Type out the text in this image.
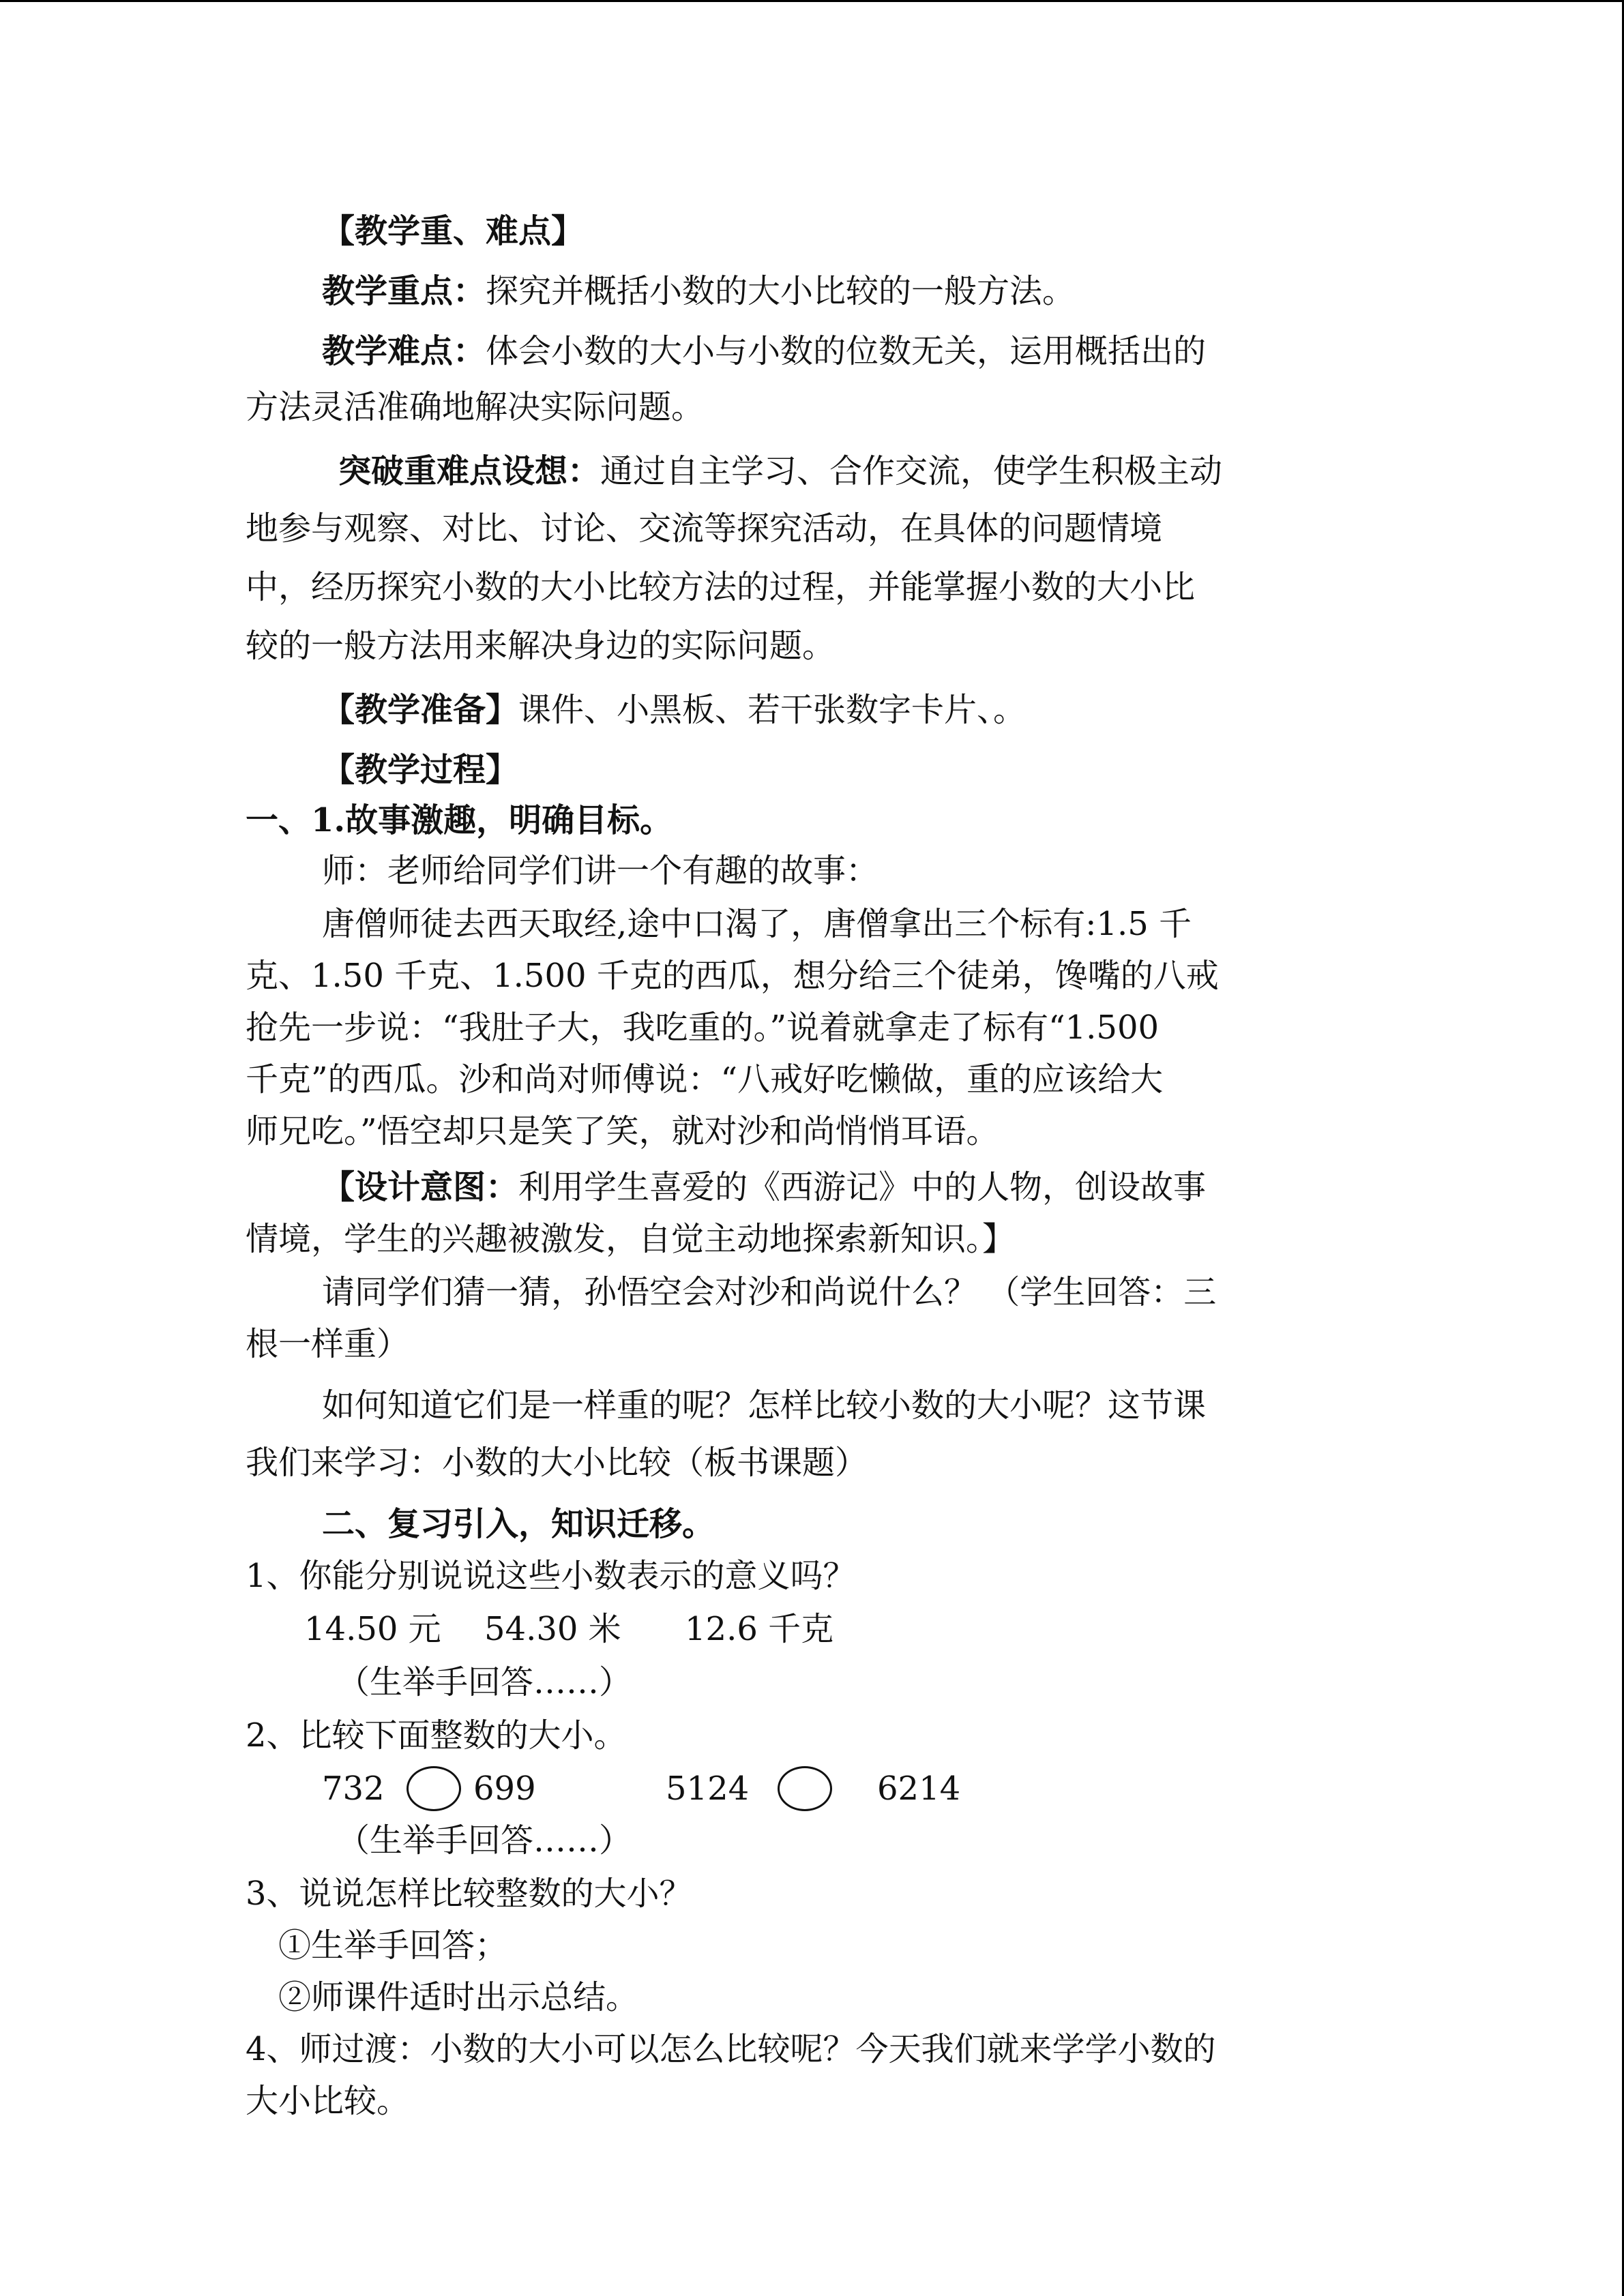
【教学重、难点】
教学重点：探究并概括小数的大小比较的一般方法。
教学难点：体会小数的大小与小数的位数无关，运用概括出的
方法灵活准确地解决实际问题。
突破重难点设想：通过自主学习、合作交流，使学生积极主动
地参与观察、对比、讨论、交流等探究活动，在具体的问题情境
中，经历探究小数的大小比较方法的过程，并能掌握小数的大小比
较的一般方法用来解决身边的实际问题。
【教学准备】课件、小黑板、若干张数字卡片、。
【教学过程】
一、1.故事激趣，明确目标。
师：老师给同学们讲一个有趣的故事：
唐僧师徒去西天取经,途中口渴了，唐僧拿出三个标有:1.5 千
克、1.50 千克、1.500 千克的西瓜，想分给三个徒弟，馋嘴的八戒
抢先一步说：“我肚子大，我吃重的。”说着就拿走了标有“1.500
千克”的西瓜。沙和尚对师傅说：“八戒好吃懒做，重的应该给大
师兄吃。”悟空却只是笑了笑，就对沙和尚悄悄耳语。
【设计意图：利用学生喜爱的《西游记》中的人物，创设故事
情境，学生的兴趣被激发，自觉主动地探索新知识。】
请同学们猜一猜，孙悟空会对沙和尚说什么？ （学生回答：三
根一样重）
如何知道它们是一样重的呢？怎样比较小数的大小呢？这节课
我们来学习：小数的大小比较（板书课题）
二、复习引入，知识迁移。
1、你能分别说说这些小数表示的意义吗？
14.50 元 54.30 米 12.6 千克
（生举手回答……）
2、比较下面整数的大小。
732	699	5124	6214
（生举手回答……）
3、说说怎样比较整数的大小？
①生举手回答；
②师课件适时出示总结。
4、师过渡：小数的大小可以怎么比较呢？今天我们就来学学小数的
大小比较。
